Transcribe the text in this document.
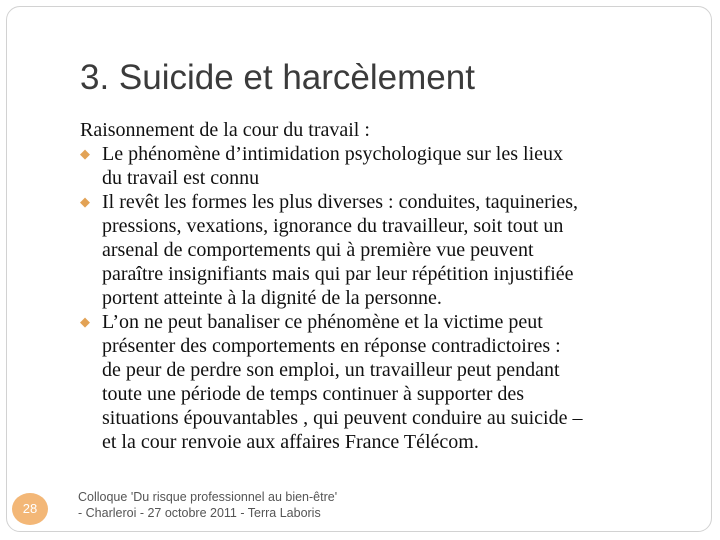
3. Suicide et harcèlement
Raisonnement de la cour du travail :
◆ Le phénomène d’intimidation psychologique sur les lieux
du travail est connu
◆ Il revêt les formes les plus diverses : conduites, taquineries,
pressions, vexations, ignorance du travailleur, soit tout un
arsenal de comportements qui à première vue peuvent
paraître insignifiants mais qui par leur répétition injustifiée
portent atteinte à la dignité de la personne.
◆ L’on ne peut banaliser ce phénomène et la victime peut
présenter des comportements en réponse contradictoires :
de peur de perdre son emploi, un travailleur peut pendant
toute une période de temps continuer à supporter des
situations épouvantables , qui peuvent conduire au suicide –
et la cour renvoie aux affaires France Télécom.
28
Colloque 'Du risque professionnel au bien-être'
- Charleroi - 27 octobre 2011 - Terra Laboris
